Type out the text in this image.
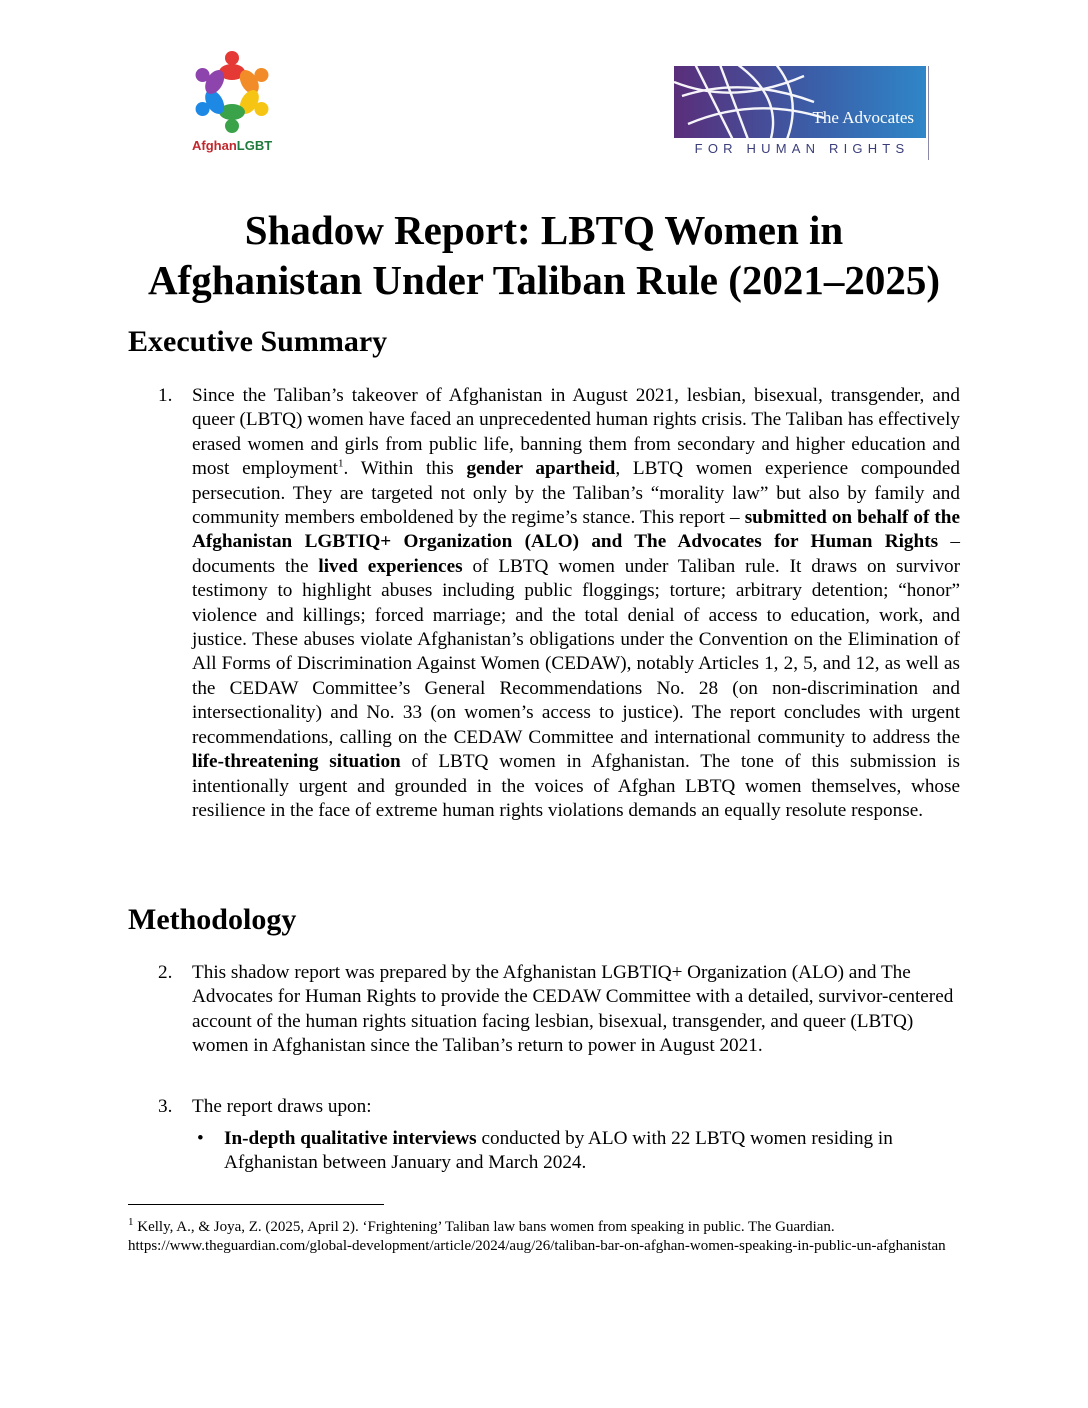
AfghanLGBT
The Advocates
FOR HUMAN RIGHTS
Shadow Report: LBTQ Women in
Afghanistan Under Taliban Rule (2021–2025)
Executive Summary
1. Since the Taliban’s takeover of Afghanistan in August 2021, lesbian, bisexual, transgender, and queer (LBTQ) women have faced an unprecedented human rights crisis. The Taliban has effectively erased women and girls from public life, banning them from secondary and higher education and most employment$^1$. Within this gender apartheid, LBTQ women experience compounded persecution. They are targeted not only by the Taliban’s “morality law” but also by family and community members emboldened by the regime’s stance. This report – submitted on behalf of the Afghanistan LGBTIQ+ Organization (ALO) and The Advocates for Human Rights – documents the lived experiences of LBTQ women under Taliban rule. It draws on survivor testimony to highlight abuses including public floggings; torture; arbitrary detention; “honor” violence and killings; forced marriage; and the total denial of access to education, work, and justice. These abuses violate Afghanistan’s obligations under the Convention on the Elimination of All Forms of Discrimination Against Women (CEDAW), notably Articles 1, 2, 5, and 12, as well as the CEDAW Committee’s General Recommendations No. 28 (on non-discrimination and intersectionality) and No. 33 (on women’s access to justice). The report concludes with urgent recommendations, calling on the CEDAW Committee and international community to address the life-threatening situation of LBTQ women in Afghanistan. The tone of this submission is intentionally urgent and grounded in the voices of Afghan LBTQ women themselves, whose resilience in the face of extreme human rights violations demands an equally resolute response.
Methodology
2. This shadow report was prepared by the Afghanistan LGBTIQ+ Organization (ALO) and The Advocates for Human Rights to provide the CEDAW Committee with a detailed, survivor-centered account of the human rights situation facing lesbian, bisexual, transgender, and queer (LBTQ) women in Afghanistan since the Taliban’s return to power in August 2021.
3. The report draws upon:
• In-depth qualitative interviews conducted by ALO with 22 LBTQ women residing in Afghanistan between January and March 2024.
$^1$ Kelly, A., & Joya, Z. (2025, April 2). ‘Frightening’ Taliban law bans women from speaking in public. The Guardian. https://www.theguardian.com/global-development/article/2024/aug/26/taliban-bar-on-afghan-women-speaking-in-public-un-afghanistan
